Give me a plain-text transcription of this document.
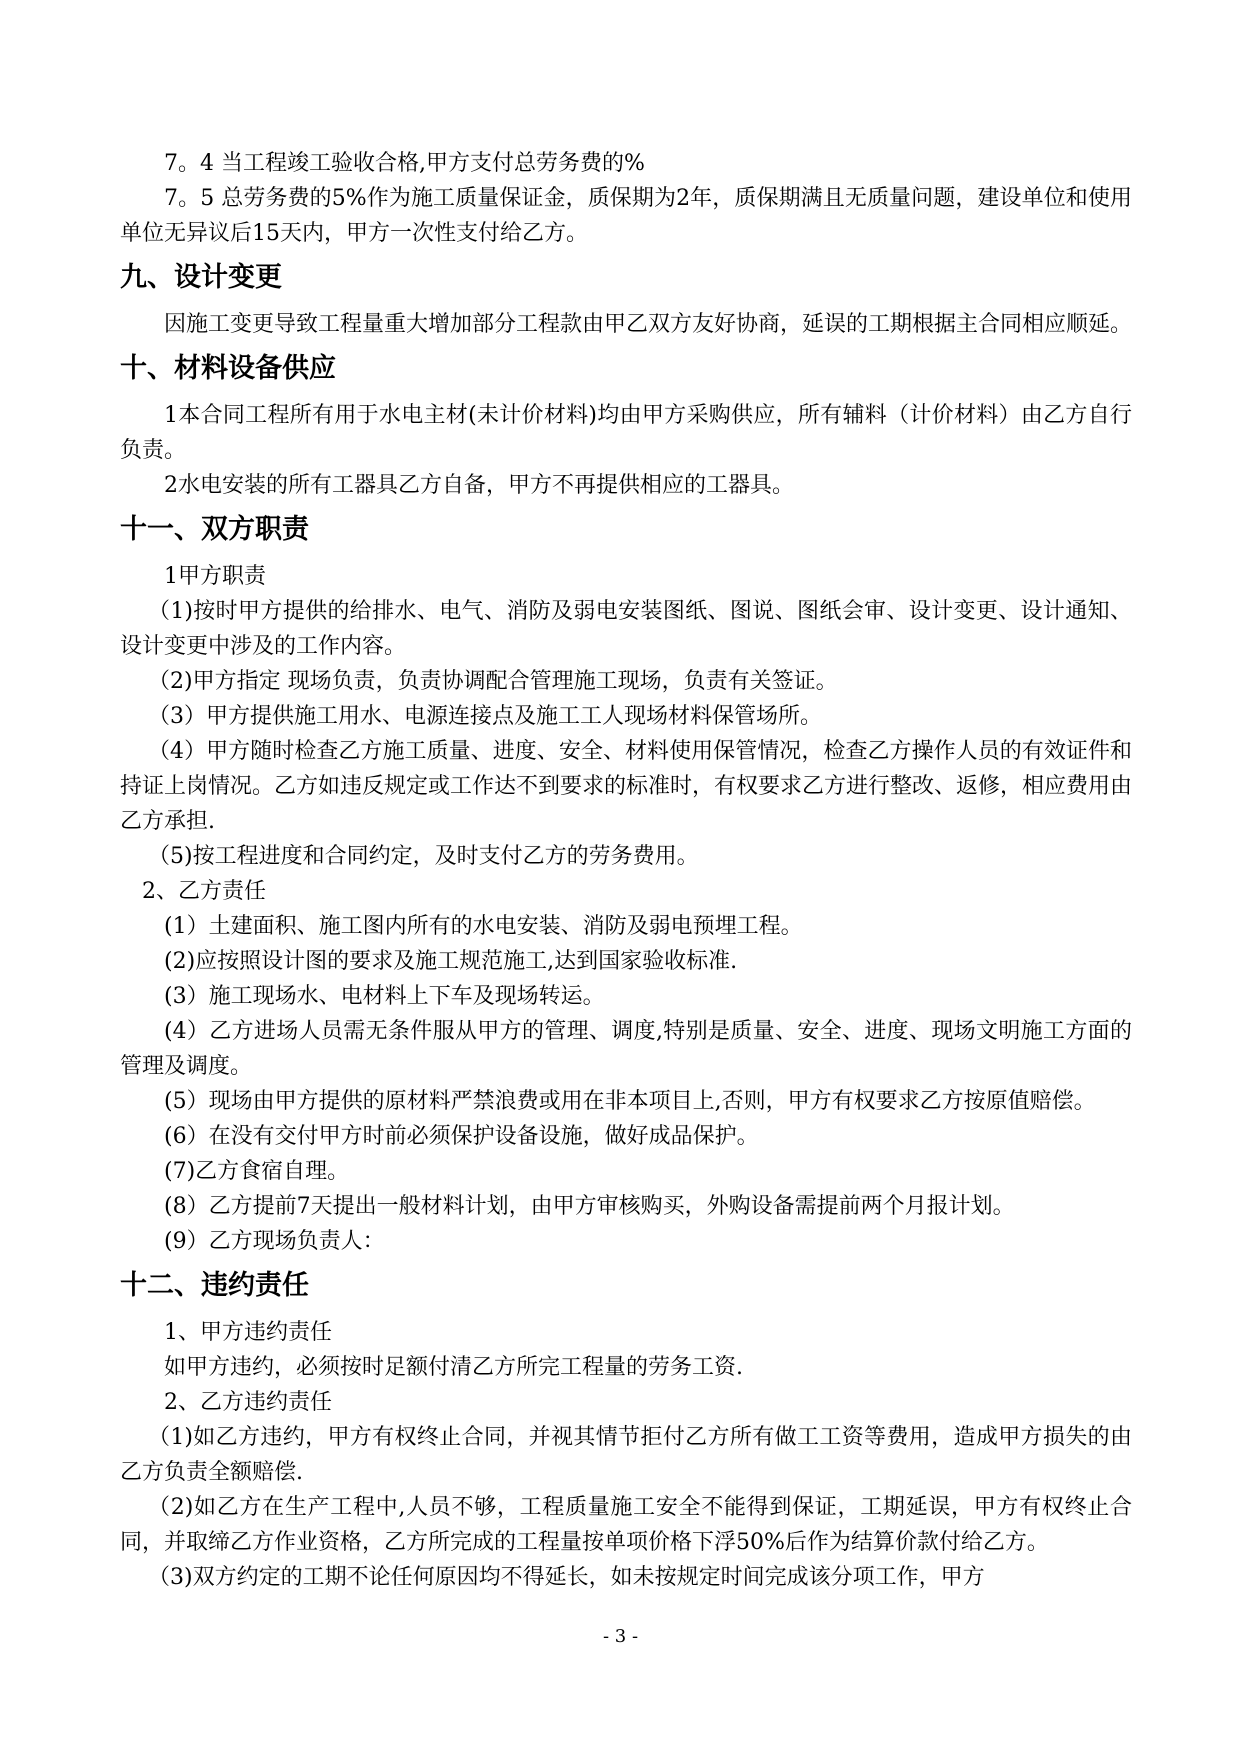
7。4 当工程竣工验收合格,甲方支付总劳务费的%

7。5 总劳务费的5%作为施工质量保证金，质保期为2年，质保期满且无质量问题，建设单位和使用单位无异议后15天内，甲方一次性支付给乙方。

九、设计变更

因施工变更导致工程量重大增加部分工程款由甲乙双方友好协商，延误的工期根据主合同相应顺延。

十、材料设备供应

1本合同工程所有用于水电主材(未计价材料)均由甲方采购供应，所有辅料（计价材料）由乙方自行负责。

2水电安装的所有工器具乙方自备，甲方不再提供相应的工器具。

十一、双方职责

1甲方职责

（1)按时甲方提供的给排水、电气、消防及弱电安装图纸、图说、图纸会审、设计变更、设计通知、设计变更中涉及的工作内容。

（2)甲方指定 现场负责，负责协调配合管理施工现场，负责有关签证。

（3）甲方提供施工用水、电源连接点及施工工人现场材料保管场所。

（4）甲方随时检查乙方施工质量、进度、安全、材料使用保管情况，检查乙方操作人员的有效证件和持证上岗情况。乙方如违反规定或工作达不到要求的标准时，有权要求乙方进行整改、返修，相应费用由乙方承担.

（5)按工程进度和合同约定，及时支付乙方的劳务费用。

2、乙方责任

(1）土建面积、施工图内所有的水电安装、消防及弱电预埋工程。

(2)应按照设计图的要求及施工规范施工,达到国家验收标准.

(3）施工现场水、电材料上下车及现场转运。

(4）乙方进场人员需无条件服从甲方的管理、调度,特别是质量、安全、进度、现场文明施工方面的管理及调度。

(5）现场由甲方提供的原材料严禁浪费或用在非本项目上,否则，甲方有权要求乙方按原值赔偿。

(6）在没有交付甲方时前必须保护设备设施，做好成品保护。

(7)乙方食宿自理。

(8）乙方提前7天提出一般材料计划，由甲方审核购买，外购设备需提前两个月报计划。

(9）乙方现场负责人：

十二、违约责任

1、甲方违约责任

如甲方违约，必须按时足额付清乙方所完工程量的劳务工资.

2、乙方违约责任

（1)如乙方违约，甲方有权终止合同，并视其情节拒付乙方所有做工工资等费用，造成甲方损失的由乙方负责全额赔偿.

（2)如乙方在生产工程中,人员不够，工程质量施工安全不能得到保证，工期延误，甲方有权终止合同，并取缔乙方作业资格，乙方所完成的工程量按单项价格下浮50%后作为结算价款付给乙方。

（3)双方约定的工期不论任何原因均不得延长，如未按规定时间完成该分项工作，甲方

- 3 -
